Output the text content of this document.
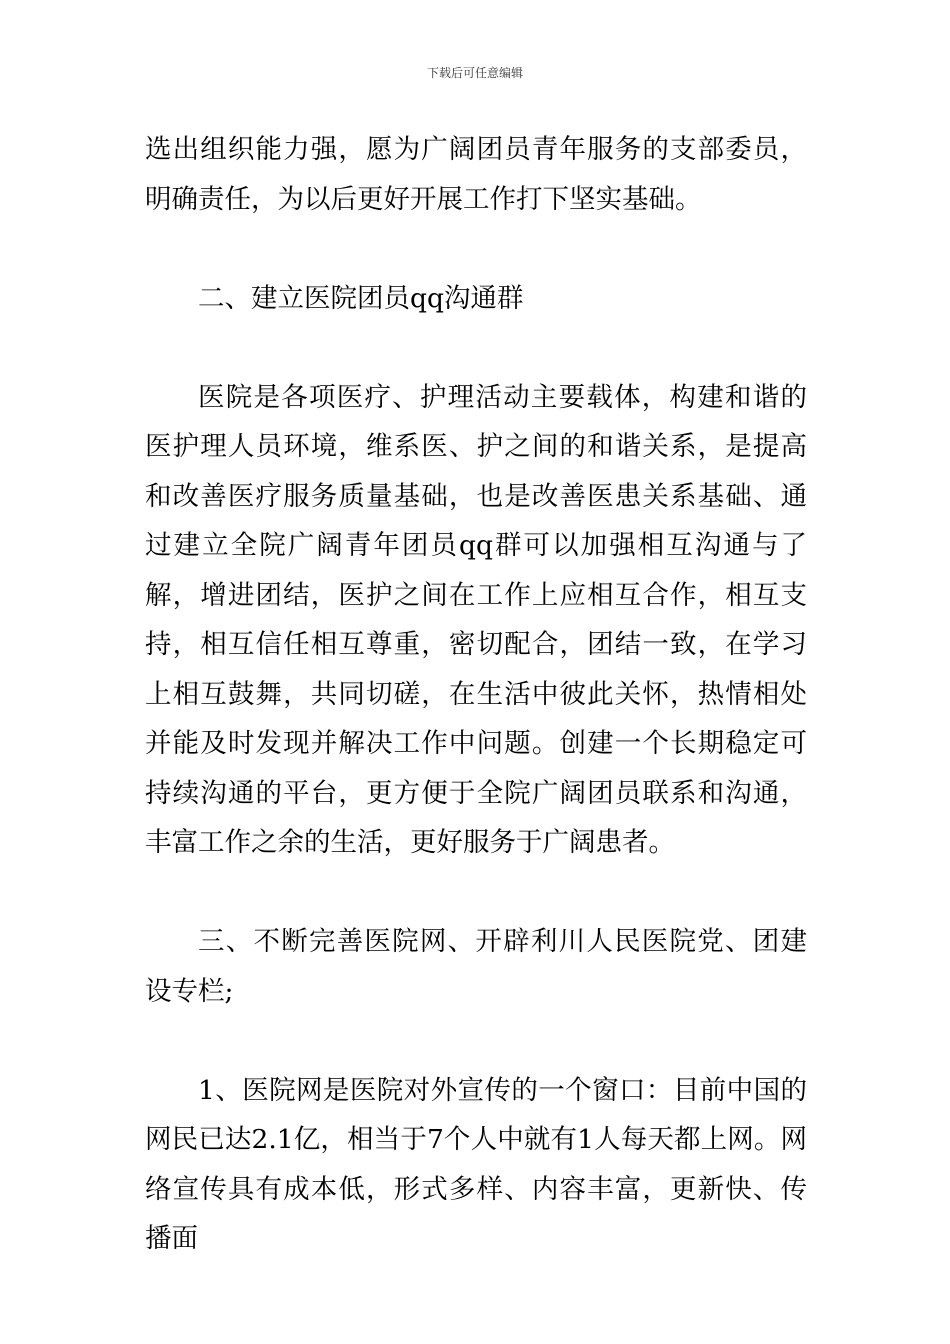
下载后可任意编辑

选出组织能力强，愿为广阔团员青年服务的支部委员，明确责任，为以后更好开展工作打下坚实基础。

二、建立医院团员qq沟通群

医院是各项医疗、护理活动主要载体，构建和谐的医护理人员环境，维系医、护之间的和谐关系，是提高和改善医疗服务质量基础，也是改善医患关系基础、通过建立全院广阔青年团员qq群可以加强相互沟通与了解，增进团结，医护之间在工作上应相互合作，相互支持，相互信任相互尊重，密切配合，团结一致，在学习上相互鼓舞，共同切磋，在生活中彼此关怀，热情相处并能及时发现并解决工作中问题。创建一个长期稳定可持续沟通的平台，更方便于全院广阔团员联系和沟通，丰富工作之余的生活，更好服务于广阔患者。

三、不断完善医院网、开辟利川人民医院党、团建设专栏;

1、医院网是医院对外宣传的一个窗口：目前中国的网民已达2.1亿，相当于7个人中就有1人每天都上网。网络宣传具有成本低，形式多样、内容丰富，更新快、传播面
